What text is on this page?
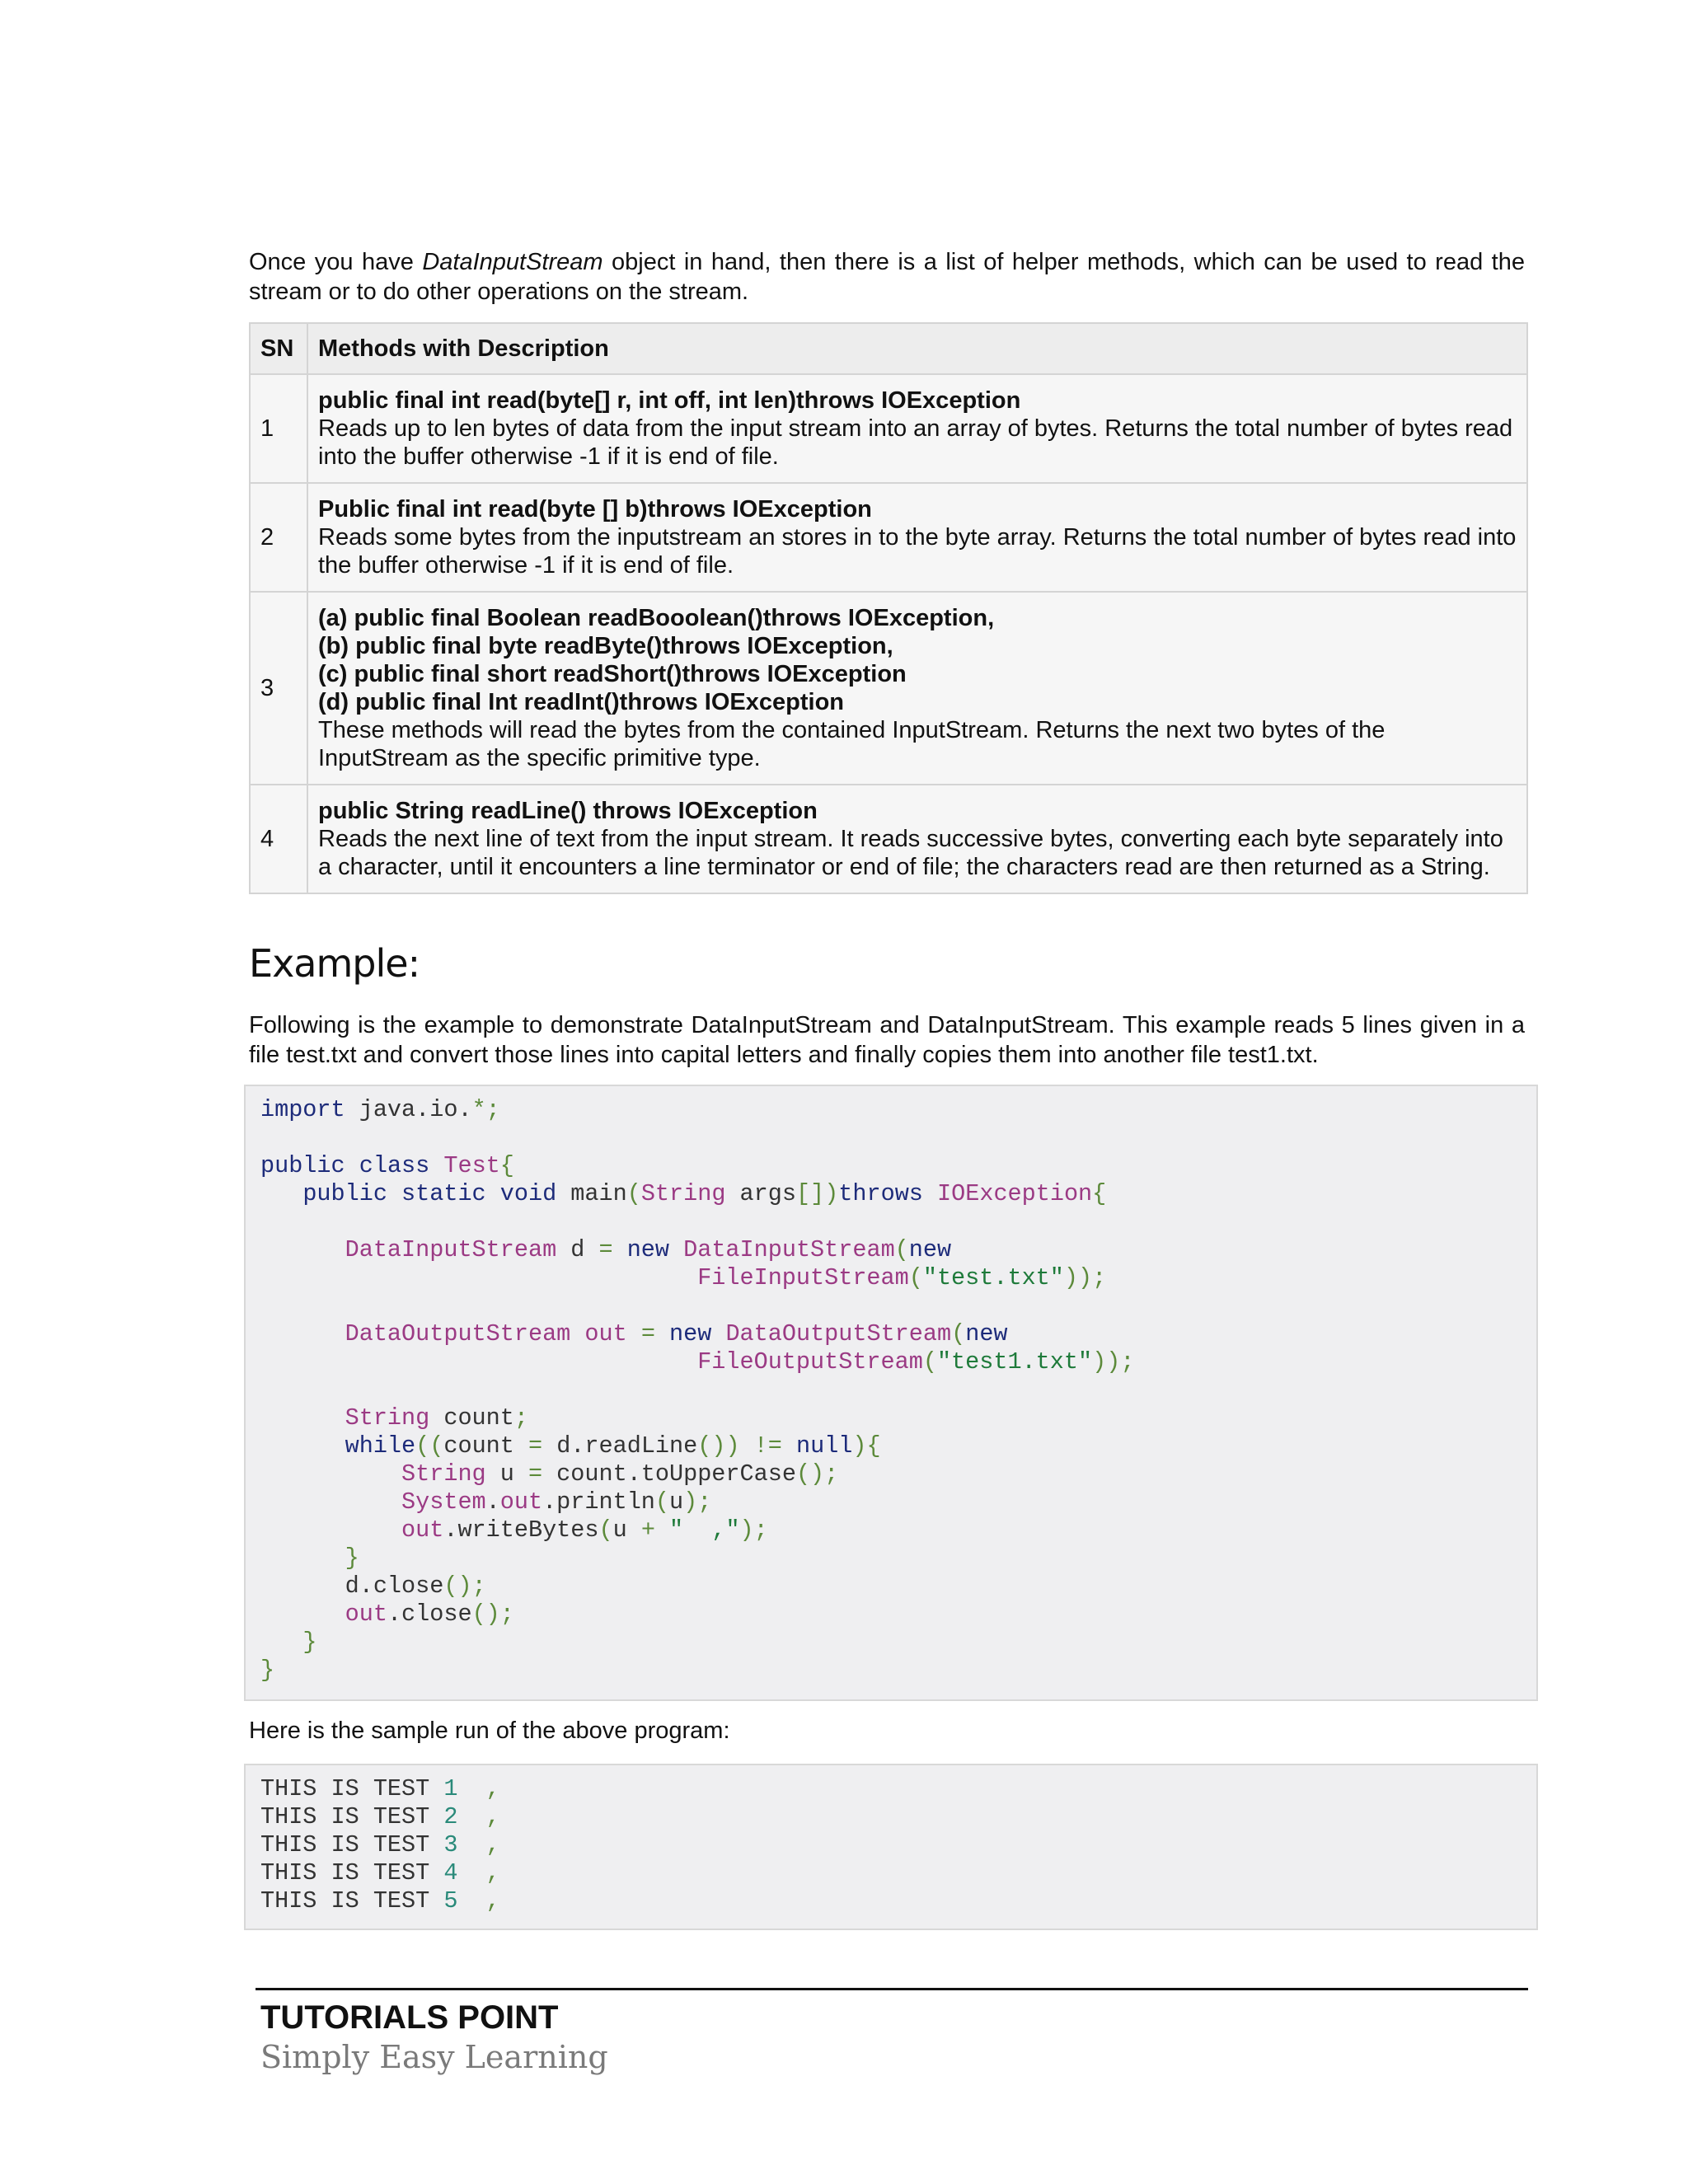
Once you have DataInputStream object in hand, then there is a list of helper methods, which can be used to read the stream or to do other operations on the stream.

SN	Methods with Description
1	public final int read(byte[] r, int off, int len)throws IOException
Reads up to len bytes of data from the input stream into an array of bytes. Returns the total number of bytes read into the buffer otherwise -1 if it is end of file.

2	Public final int read(byte [] b)throws IOException
Reads some bytes from the inputstream an stores in to the byte array. Returns the total number of bytes read into the buffer otherwise -1 if it is end of file.

3	(a) public final Boolean readBooolean()throws IOException,
(b) public final byte readByte()throws IOException,
(c) public final short readShort()throws IOException
(d) public final Int readInt()throws IOException
These methods will read the bytes from the contained InputStream. Returns the next two bytes of the InputStream as the specific primitive type.

4	public String readLine() throws IOException
Reads the next line of text from the input stream. It reads successive bytes, converting each byte separately into a character, until it encounters a line terminator or end of file; the characters read are then returned as a String.
Example:

Following is the example to demonstrate DataInputStream and DataInputStream. This example reads 5 lines given in a file test.txt and convert those lines into capital letters and finally copies them into another file test1.txt.

import java.io.*;

public class Test{
public static void main(String args[])throws IOException{

DataInputStream d = new DataInputStream(new
FileInputStream("test.txt"));

DataOutputStream out = new DataOutputStream(new
FileOutputStream("test1.txt"));

String count;
while((count = d.readLine()) != null){
String u = count.toUpperCase();
System.out.println(u);
out.writeBytes(u + "  ,");
}
d.close();
out.close();
}
}

Here is the sample run of the above program:

THIS IS TEST 1 ,
THIS IS TEST 2 ,
THIS IS TEST 3 ,
THIS IS TEST 4 ,
THIS IS TEST 5 ,
TUTORIALS POINT
Simply Easy Learning
